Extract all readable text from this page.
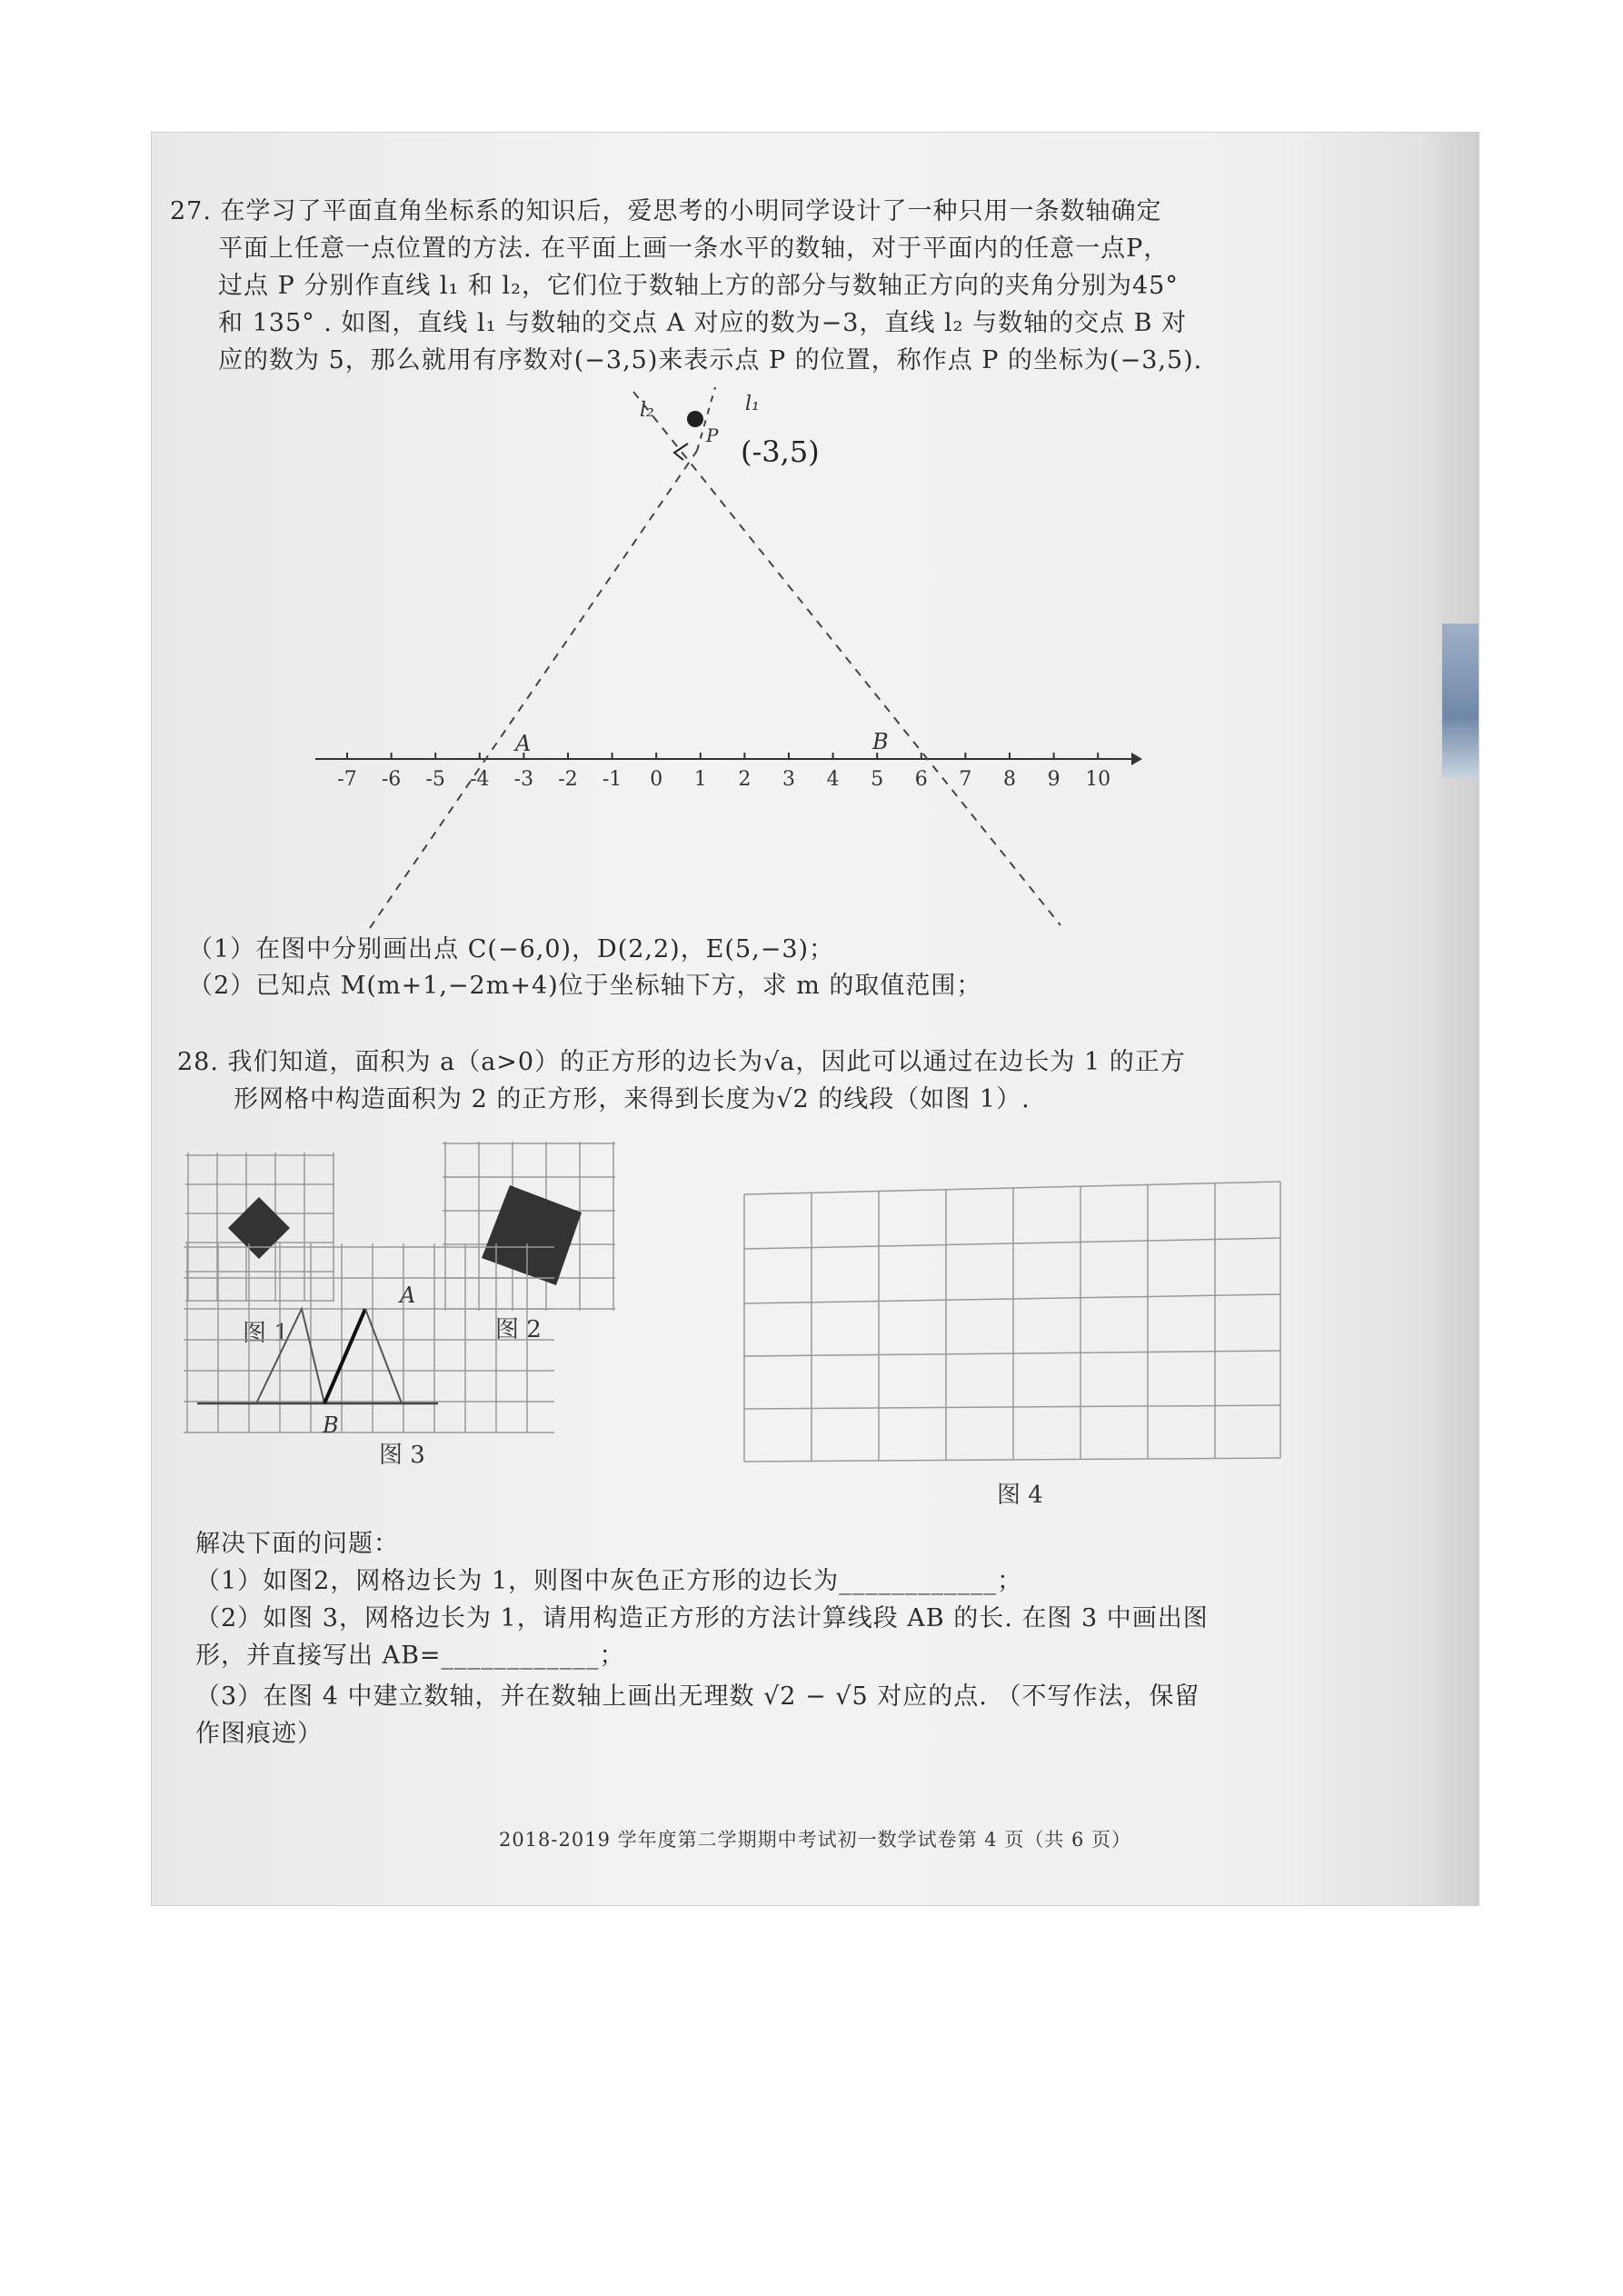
27. 在学习了平面直角坐标系的知识后，爱思考的小明同学设计了一种只用一条数轴确定
平面上任意一点位置的方法. 在平面上画一条水平的数轴，对于平面内的任意一点P，
过点 P 分别作直线 l₁ 和 l₂，它们位于数轴上方的部分与数轴正方向的夹角分别为45°
和 135° . 如图，直线 l₁ 与数轴的交点 A 对应的数为−3，直线 l₂ 与数轴的交点 B 对
应的数为 5，那么就用有序数对(−3,5)来表示点 P 的位置，称作点 P 的坐标为(−3,5).
-7 -6 -5 -4 -3 -2 -1 0 1 2 3 4 5 6 7 8 9 10
A	B
P
l₂	l₁
(-3,5)
（1）在图中分别画出点 C(−6,0)，D(2,2)，E(5,−3)；
（2）已知点 M(m+1,−2m+4)位于坐标轴下方，求 m 的取值范围；
28. 我们知道，面积为 a（a>0）的正方形的边长为√a，因此可以通过在边长为 1 的正方
形网格中构造面积为 2 的正方形，来得到长度为√2 的线段（如图 1）.
图 1	图 2
A
B
图 3
图 4
解决下面的问题：
（1）如图2，网格边长为 1，则图中灰色正方形的边长为____________；
（2）如图 3，网格边长为 1，请用构造正方形的方法计算线段 AB 的长. 在图 3 中画出图
形，并直接写出 AB=____________；
（3）在图 4 中建立数轴，并在数轴上画出无理数 √2 − √5 对应的点. （不写作法，保留
作图痕迹）
2018-2019 学年度第二学期期中考试初一数学试卷第 4 页（共 6 页）
